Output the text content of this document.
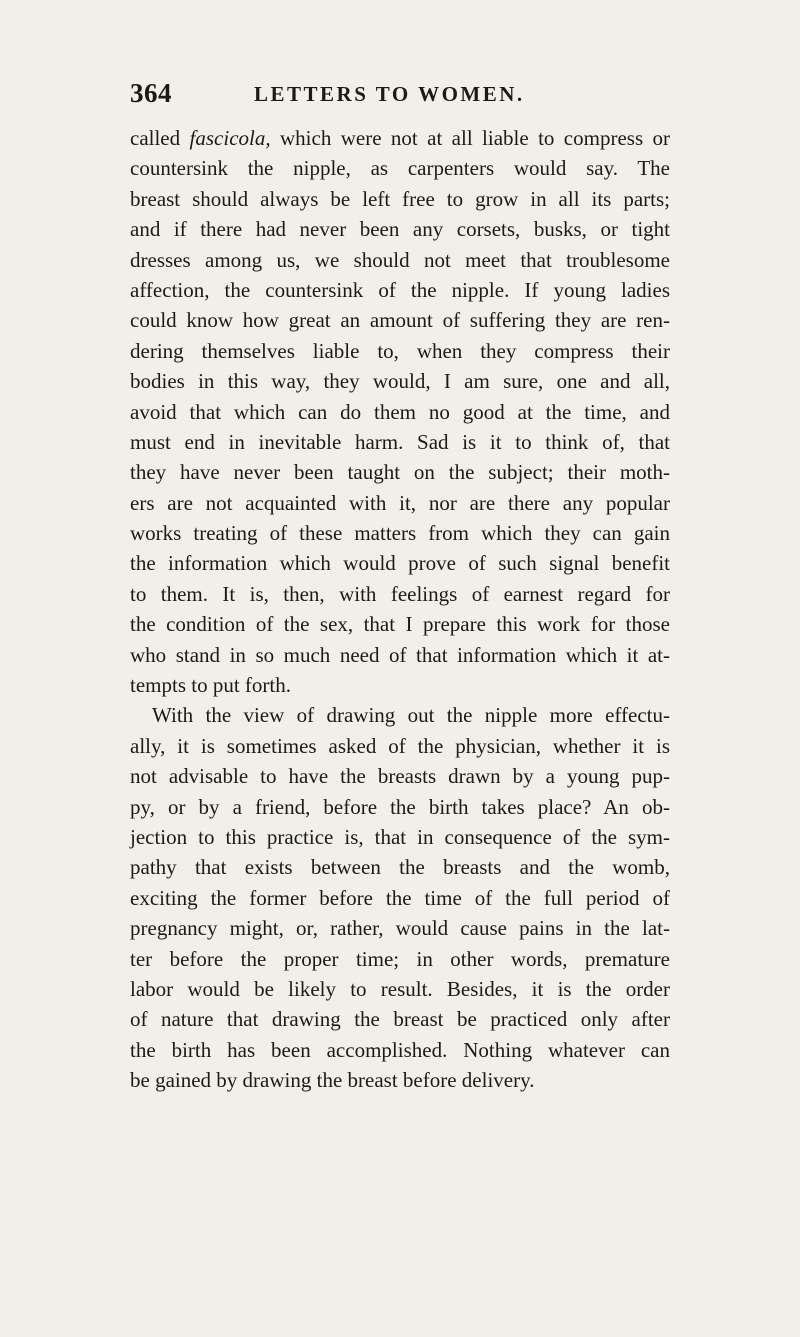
364	LETTERS TO WOMEN.
called fascicola, which were not at all liable to compress or
countersink the nipple, as carpenters would say. The
breast should always be left free to grow in all its parts;
and if there had never been any corsets, busks, or tight
dresses among us, we should not meet that troublesome
affection, the countersink of the nipple. If young ladies
could know how great an amount of suffering they are ren-
dering themselves liable to, when they compress their
bodies in this way, they would, I am sure, one and all,
avoid that which can do them no good at the time, and
must end in inevitable harm. Sad is it to think of, that
they have never been taught on the subject; their moth-
ers are not acquainted with it, nor are there any popular
works treating of these matters from which they can gain
the information which would prove of such signal benefit
to them. It is, then, with feelings of earnest regard for
the condition of the sex, that I prepare this work for those
who stand in so much need of that information which it at-
tempts to put forth.
With the view of drawing out the nipple more effectu-
ally, it is sometimes asked of the physician, whether it is
not advisable to have the breasts drawn by a young pup-
py, or by a friend, before the birth takes place? An ob-
jection to this practice is, that in consequence of the sym-
pathy that exists between the breasts and the womb,
exciting the former before the time of the full period of
pregnancy might, or, rather, would cause pains in the lat-
ter before the proper time; in other words, premature
labor would be likely to result. Besides, it is the order
of nature that drawing the breast be practiced only after
the birth has been accomplished. Nothing whatever can
be gained by drawing the breast before delivery.
